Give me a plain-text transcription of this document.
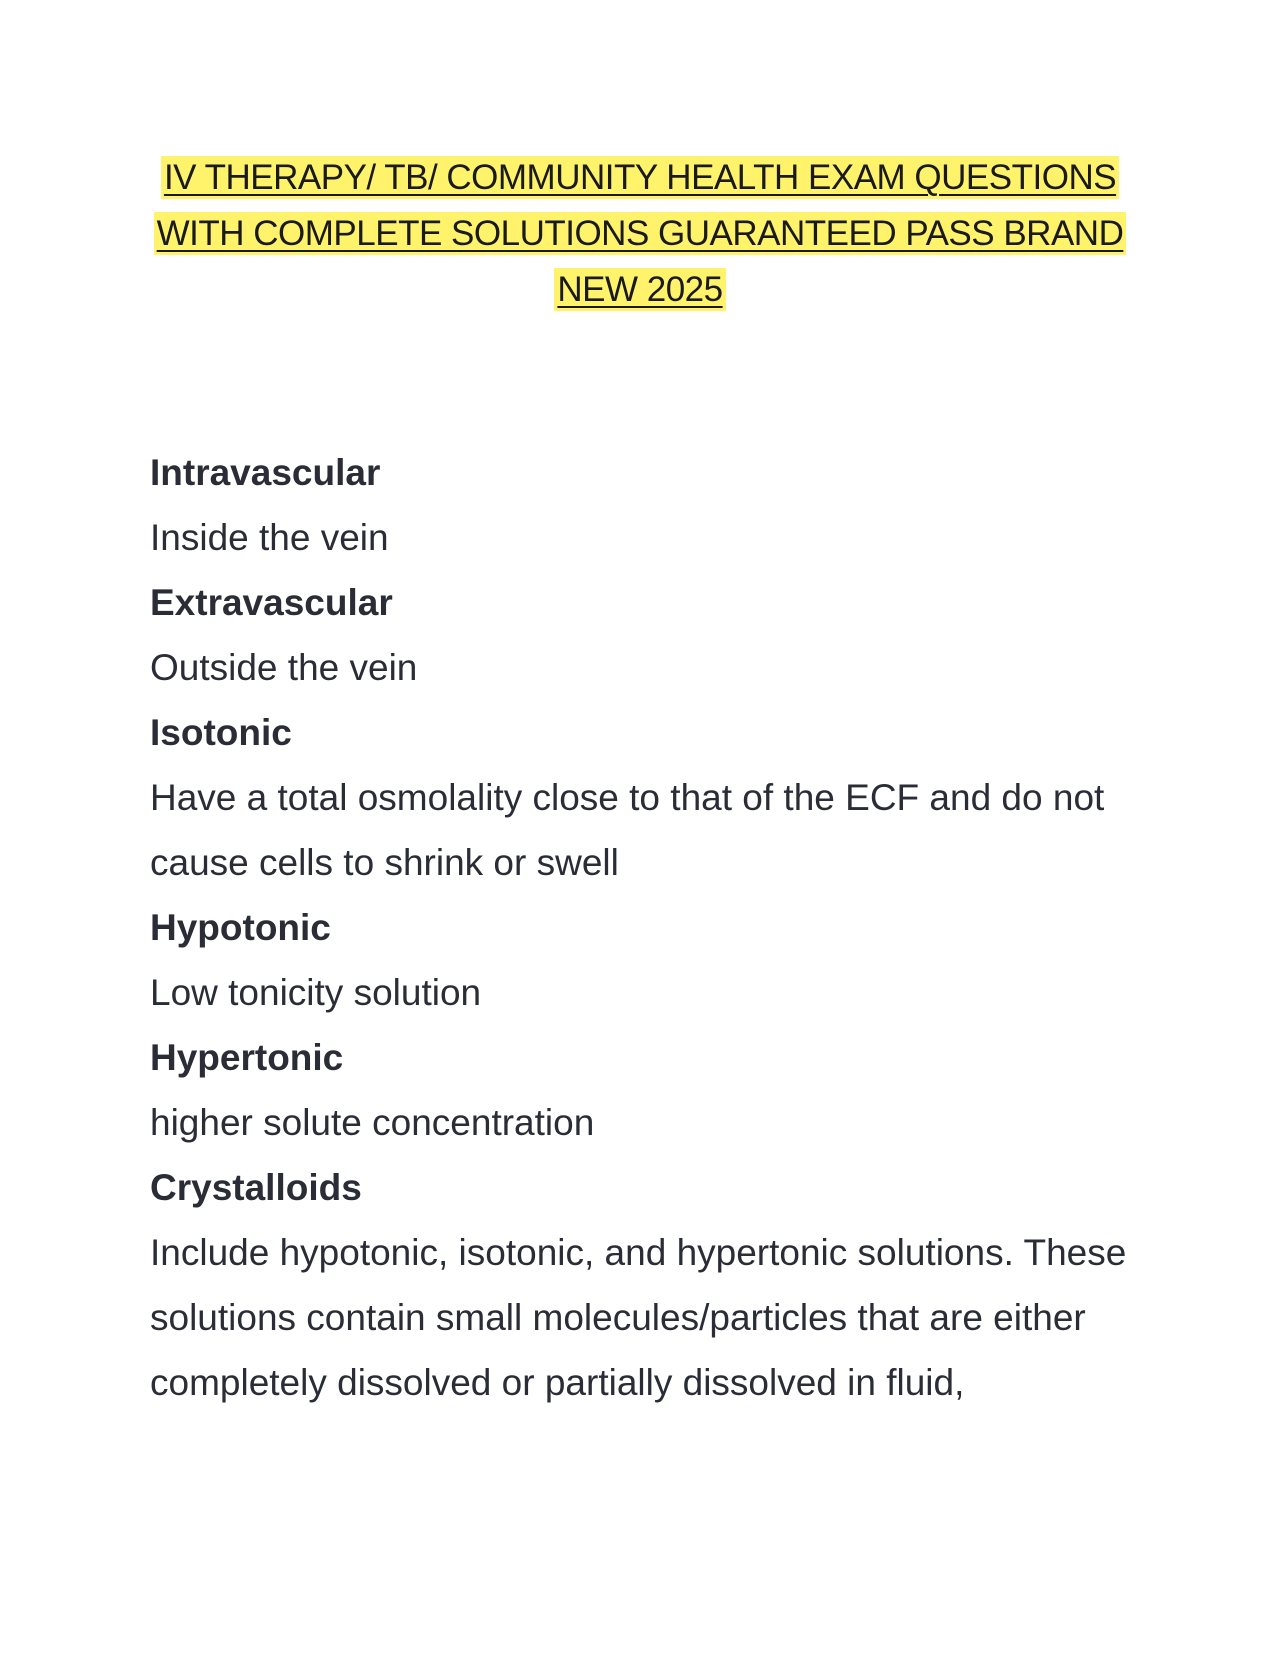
IV THERAPY/ TB/ COMMUNITY HEALTH EXAM QUESTIONS
WITH COMPLETE SOLUTIONS GUARANTEED PASS BRAND
NEW 2025

Intravascular

Inside the vein

Extravascular

Outside the vein

Isotonic

Have a total osmolality close to that of the ECF and do not cause cells to shrink or swell

Hypotonic

Low tonicity solution

Hypertonic

higher solute concentration

Crystalloids

Include hypotonic, isotonic, and hypertonic solutions. These solutions contain small molecules/particles that are either completely dissolved or partially dissolved in fluid,
